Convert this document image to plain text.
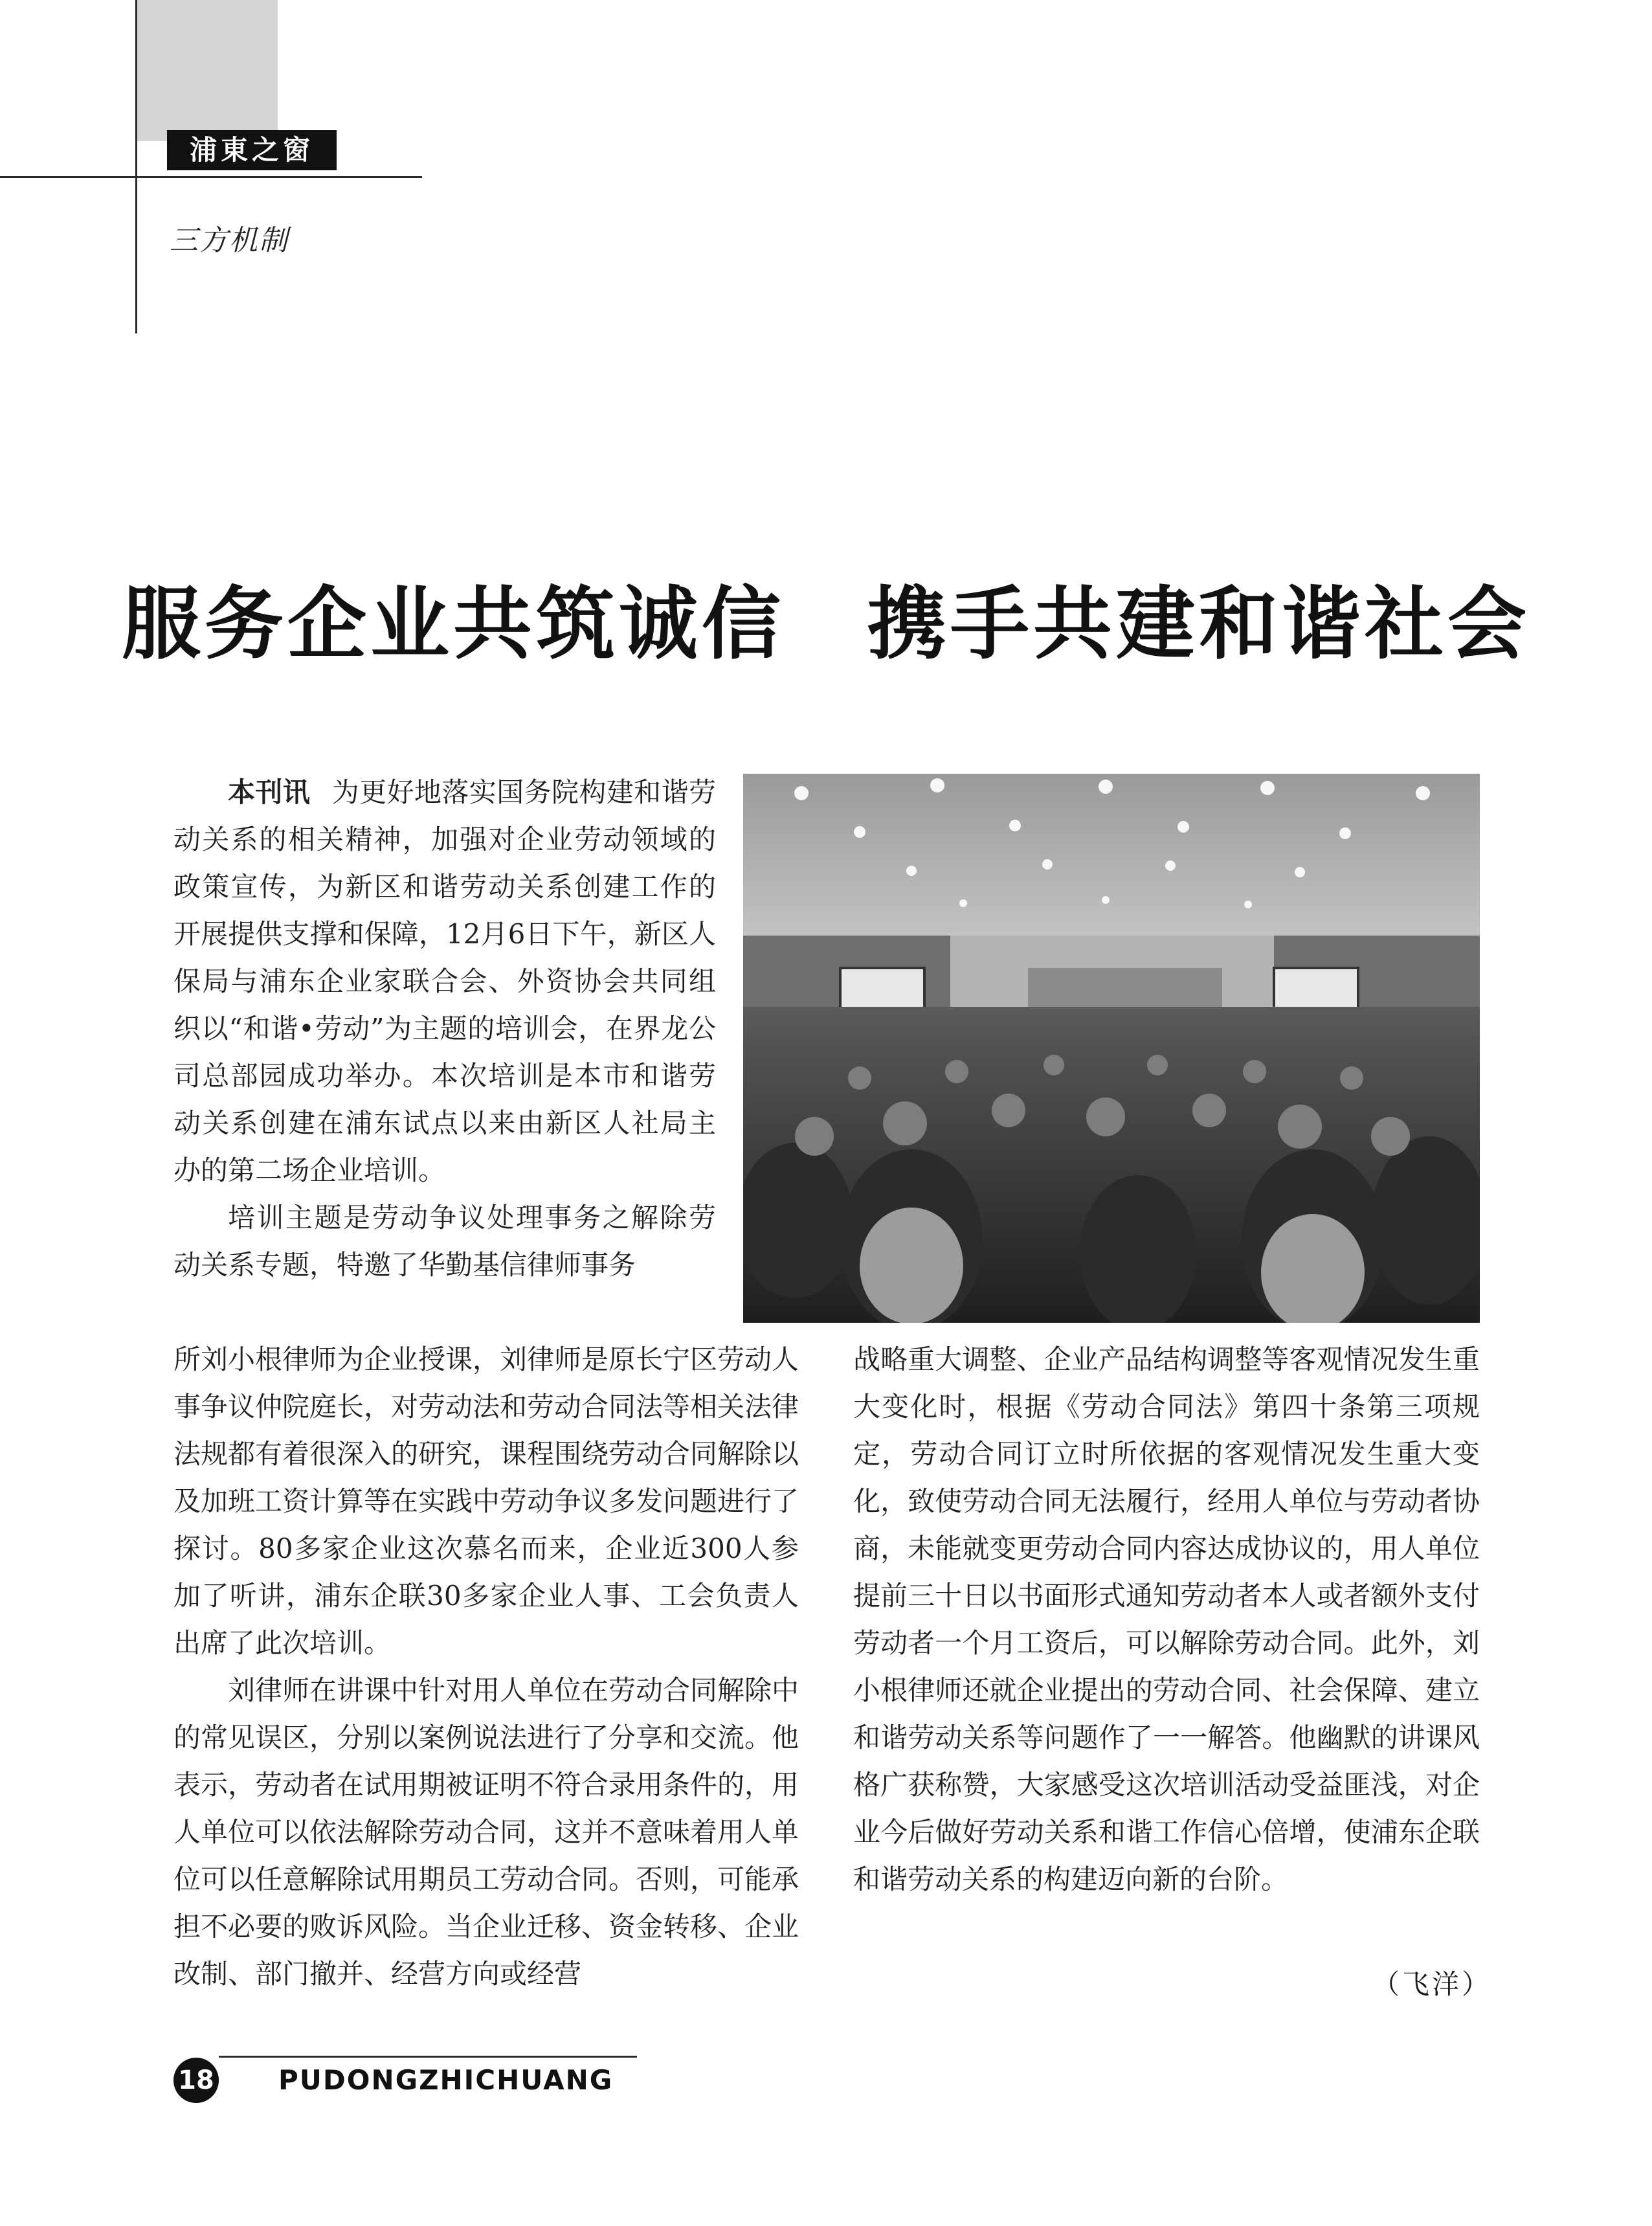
浦東之窗
三方机制
服务企业共筑诚信　携手共建和谐社会

本刊讯 为更好地落实国务院构建和谐劳动关系的相关精神，加强对企业劳动领域的政策宣传，为新区和谐劳动关系创建工作的开展提供支撑和保障，12月6日下午，新区人保局与浦东企业家联合会、外资协会共同组织以“和谐•劳动”为主题的培训会，在界龙公司总部园成功举办。本次培训是本市和谐劳动关系创建在浦东试点以来由新区人社局主办的第二场企业培训。

培训主题是劳动争议处理事务之解除劳动关系专题，特邀了华勤基信律师事务

所刘小根律师为企业授课，刘律师是原长宁区劳动人事争议仲院庭长，对劳动法和劳动合同法等相关法律法规都有着很深入的研究，课程围绕劳动合同解除以及加班工资计算等在实践中劳动争议多发问题进行了探讨。80多家企业这次慕名而来，企业近300人参加了听讲，浦东企联30多家企业人事、工会负责人出席了此次培训。

刘律师在讲课中针对用人单位在劳动合同解除中的常见误区，分别以案例说法进行了分享和交流。他表示，劳动者在试用期被证明不符合录用条件的，用人单位可以依法解除劳动合同，这并不意味着用人单位可以任意解除试用期员工劳动合同。否则，可能承担不必要的败诉风险。当企业迁移、资金转移、企业改制、部门撤并、经营方向或经营

战略重大调整、企业产品结构调整等客观情况发生重大变化时，根据《劳动合同法》第四十条第三项规定，劳动合同订立时所依据的客观情况发生重大变化，致使劳动合同无法履行，经用人单位与劳动者协商，未能就变更劳动合同内容达成协议的，用人单位提前三十日以书面形式通知劳动者本人或者额外支付劳动者一个月工资后，可以解除劳动合同。此外，刘小根律师还就企业提出的劳动合同、社会保障、建立和谐劳动关系等问题作了一一解答。他幽默的讲课风格广获称赞，大家感受这次培训活动受益匪浅，对企业今后做好劳动关系和谐工作信心倍增，使浦东企联和谐劳动关系的构建迈向新的台阶。

（飞洋）
18 PUDONGZHICHUANG
